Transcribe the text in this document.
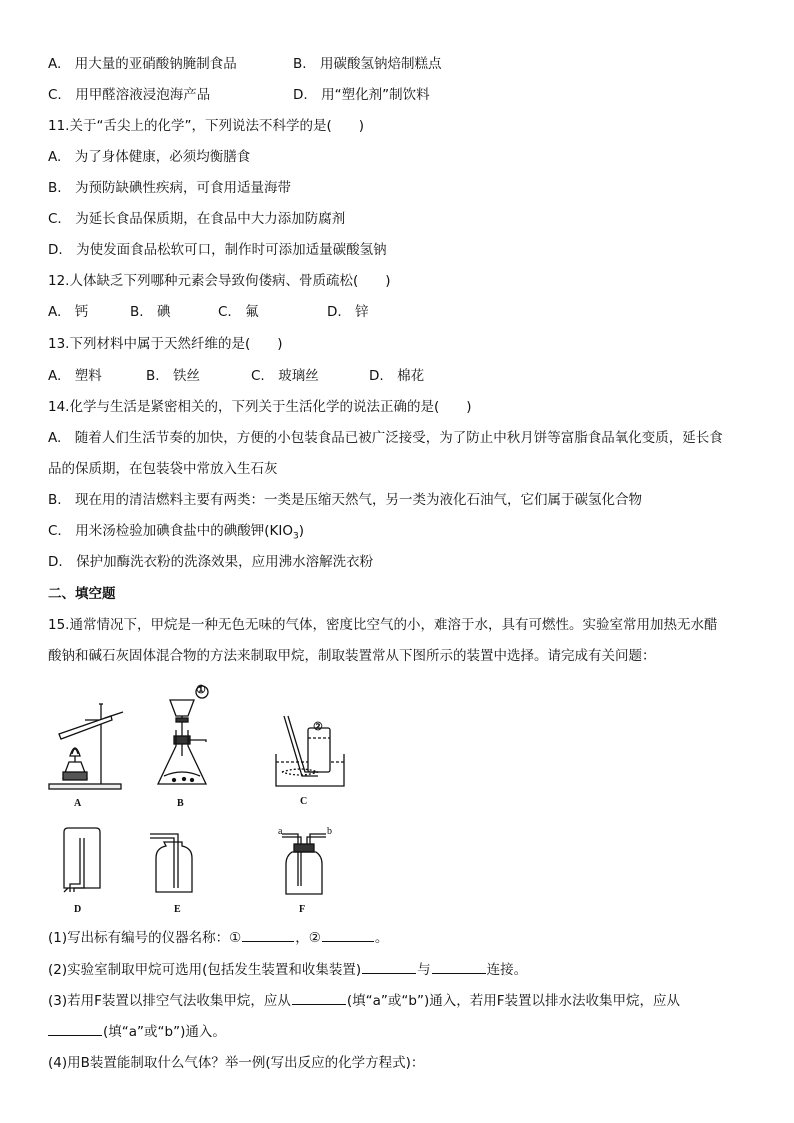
A.　用大量的亚硝酸钠腌制食品	B.　用碳酸氢钠焙制糕点
C.　用甲醛溶液浸泡海产品	D.　用“塑化剂”制饮料
11.关于“舌尖上的化学”，下列说法不科学的是(　　)
A.　为了身体健康，必须均衡膳食
B.　为预防缺碘性疾病，可食用适量海带
C.　为延长食品保质期，在食品中大力添加防腐剂
D.　为使发面食品松软可口，制作时可添加适量碳酸氢钠
12.人体缺乏下列哪种元素会导致佝偻病、骨质疏松(　　)
A.　钙	B.　碘	C.　氟	D.　锌
13.下列材料中属于天然纤维的是(　　)
A.　塑料	B.　铁丝	C.　玻璃丝	D.　棉花
14.化学与生活是紧密相关的，下列关于生活化学的说法正确的是(　　)
A.　随着人们生活节奏的加快，方便的小包装食品已被广泛接受，为了防止中秋月饼等富脂食品氧化变质，延长食
品的保质期，在包装袋中常放入生石灰
B.　现在用的清洁燃料主要有两类：一类是压缩天然气，另一类为液化石油气，它们属于碳氢化合物
C.　用米汤检验加碘食盐中的碘酸钾$(KIO_3)$
D.　保护加酶洗衣粉的洗涤效果，应用沸水溶解洗衣粉
二、填空题
15.通常情况下，甲烷是一种无色无味的气体，密度比空气的小，难溶于水，具有可燃性。实验室常用加热无水醋
酸钠和碱石灰固体混合物的方法来制取甲烷，制取装置常从下图所示的装置中选择。请完成有关问题：
A
①
B
②
C
D	E
a	b
F
(1)写出标有编号的仪器名称：①	，②	。
(2)实验室制取甲烷可选用(包括发生装置和收集装置)	与	连接。
(3)若用F装置以排空气法收集甲烷，应从	(填“a”或“b”)通入，若用F装置以排水法收集甲烷，应从
(填“a”或“b”)通入。
(4)用B装置能制取什么气体？举一例(写出反应的化学方程式)：
